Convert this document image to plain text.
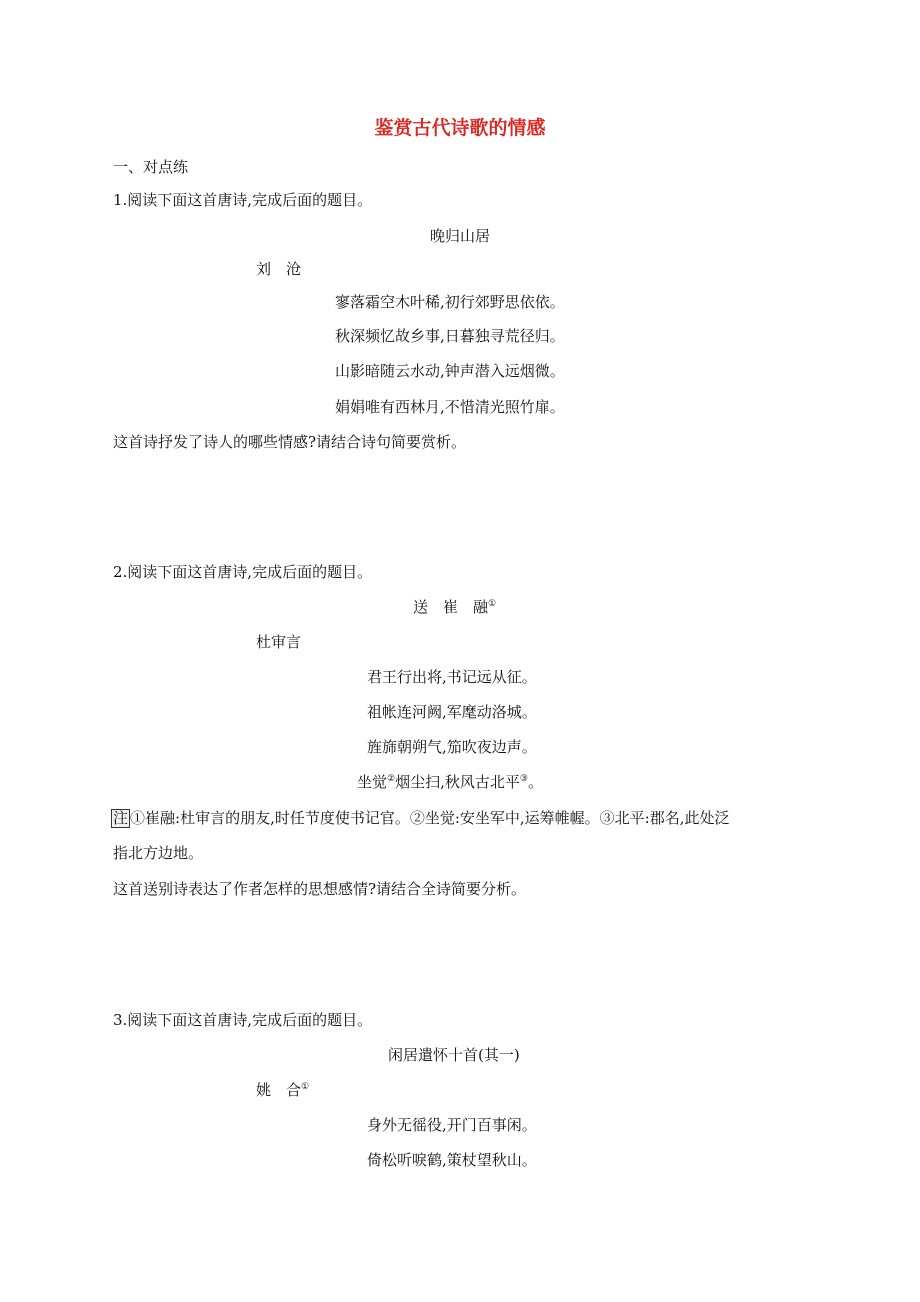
鉴赏古代诗歌的情感
一、对点练
1.阅读下面这首唐诗,完成后面的题目。
晚归山居
刘　沧
寥落霜空木叶稀,初行郊野思依依。
秋深频忆故乡事,日暮独寻荒径归。
山影暗随云水动,钟声潜入远烟微。
娟娟唯有西林月,不惜清光照竹扉。
这首诗抒发了诗人的哪些情感?请结合诗句简要赏析。
2.阅读下面这首唐诗,完成后面的题目。
送　崔　融①
杜审言
君王行出将,书记远从征。
祖帐连河阙,军麾动洛城。
旌旆朝朔气,笳吹夜边声。
坐觉②烟尘扫,秋风古北平③。
注 ①崔融:杜审言的朋友,时任节度使书记官。②坐觉:安坐军中,运筹帷幄。③北平:郡名,此处泛
指北方边地。
这首送别诗表达了作者怎样的思想感情?请结合全诗简要分析。
3.阅读下面这首唐诗,完成后面的题目。
闲居遣怀十首(其一)
姚　合①
身外无徭役,开门百事闲。
倚松听唳鹤,策杖望秋山。
